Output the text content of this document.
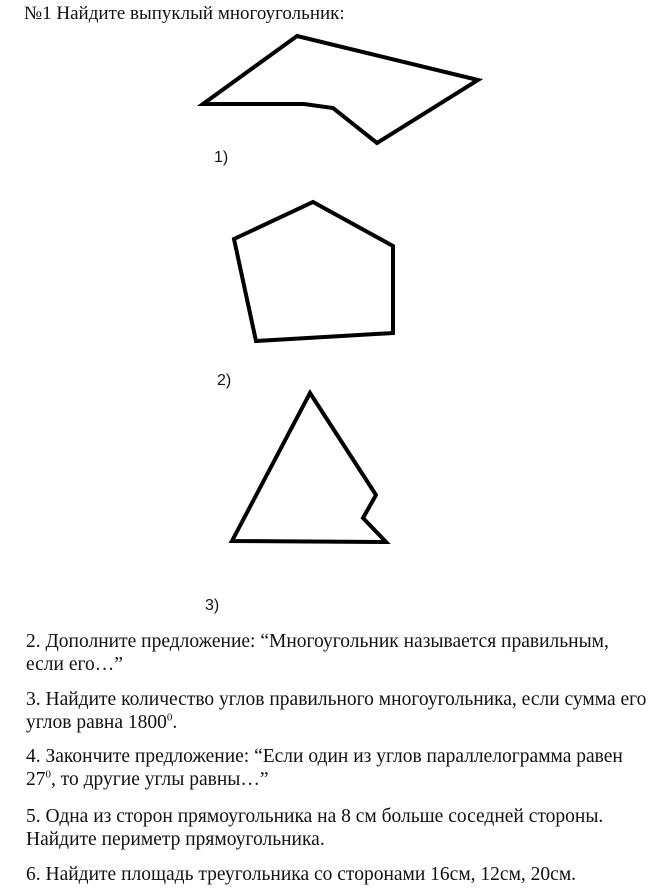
№1 Найдите выпуклый многоугольник:
1)
2)
3)

2. Дополните предложение: “Многоугольник называется правильным, если его…”

3. Найдите количество углов правильного многоугольника, если сумма его углов равна 1800$^0$.

4. Закончите предложение: “Если один из углов параллелограмма равен $27^0$, то другие углы равны…”

5. Одна из сторон прямоугольника на 8 см больше соседней стороны. Найдите периметр прямоугольника.

6. Найдите площадь треугольника со сторонами 16см, 12см, 20см.
